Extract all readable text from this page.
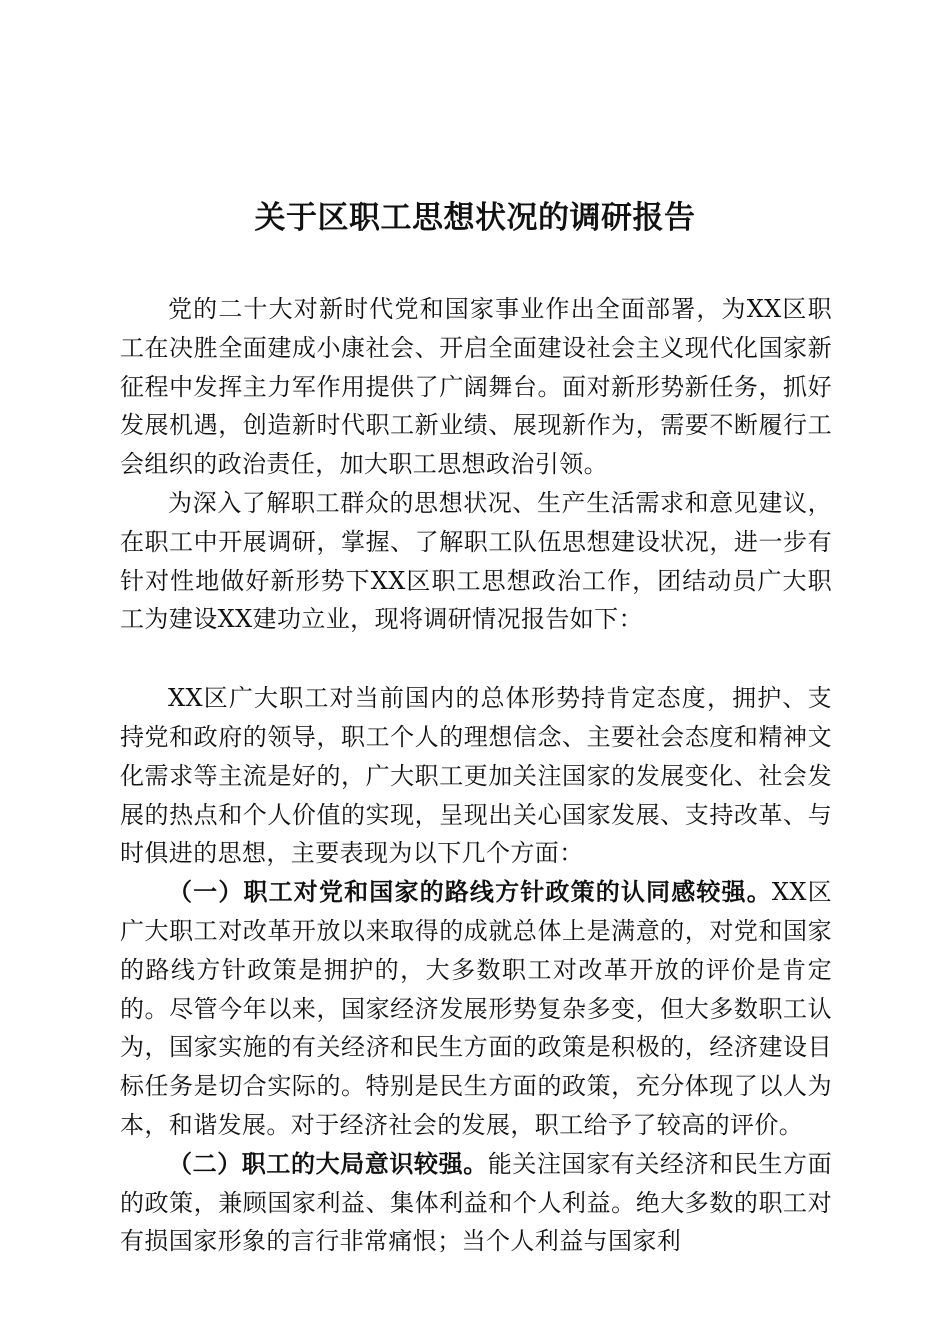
关于区职工思想状况的调研报告

党的二十大对新时代党和国家事业作出全面部署，为XX区职工在决胜全面建成小康社会、开启全面建设社会主义现代化国家新征程中发挥主力军作用提供了广阔舞台。面对新形势新任务，抓好发展机遇，创造新时代职工新业绩、展现新作为，需要不断履行工会组织的政治责任，加大职工思想政治引领。

为深入了解职工群众的思想状况、生产生活需求和意见建议，在职工中开展调研，掌握、了解职工队伍思想建设状况，进一步有针对性地做好新形势下XX区职工思想政治工作，团结动员广大职工为建设XX建功立业，现将调研情况报告如下：

XX区广大职工对当前国内的总体形势持肯定态度，拥护、支持党和政府的领导，职工个人的理想信念、主要社会态度和精神文化需求等主流是好的，广大职工更加关注国家的发展变化、社会发展的热点和个人价值的实现，呈现出关心国家发展、支持改革、与时俱进的思想，主要表现为以下几个方面：

（一）职工对党和国家的路线方针政策的认同感较强。XX区广大职工对改革开放以来取得的成就总体上是满意的，对党和国家的路线方针政策是拥护的，大多数职工对改革开放的评价是肯定的。尽管今年以来，国家经济发展形势复杂多变，但大多数职工认为，国家实施的有关经济和民生方面的政策是积极的，经济建设目标任务是切合实际的。特别是民生方面的政策，充分体现了以人为本，和谐发展。对于经济社会的发展，职工给予了较高的评价。

（二）职工的大局意识较强。能关注国家有关经济和民生方面的政策，兼顾国家利益、集体利益和个人利益。绝大多数的职工对有损国家形象的言行非常痛恨；当个人利益与国家利
